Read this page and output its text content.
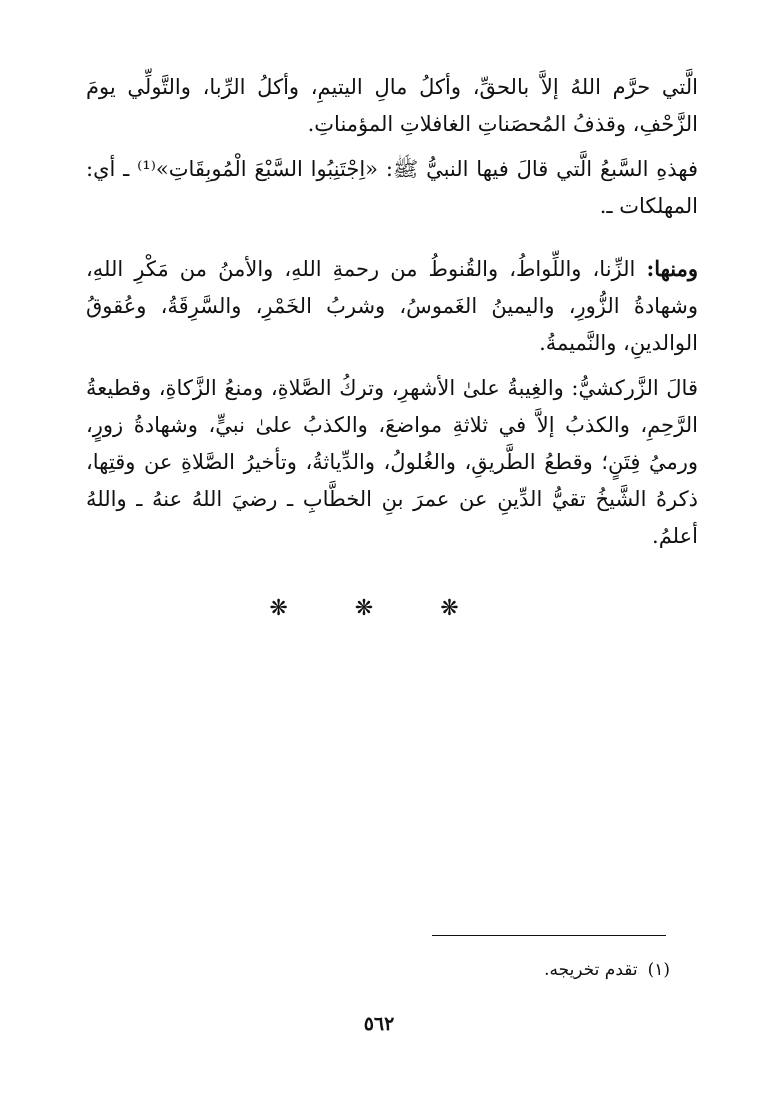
الَّتي حرَّم اللهُ إلاَّ بالحقِّ، وأكلُ مالِ اليتيمِ، وأكلُ الرِّبا، والتَّولِّي يومَ الزَّحْفِ، وقذفُ المُحصَناتِ الغافلاتِ المؤمناتِ.

فهذهِ السَّبعُ الَّتي قالَ فيها النبيُّ ﷺ: «اِجْتَنِبُوا السَّبْعَ الْمُوبِقَاتِ»⁽¹⁾ ـ أي: المهلكات ـ.

ومنها: الزِّنا، واللِّواطُ، والقُنوطُ من رحمةِ اللهِ، والأمنُ من مَكْرِ اللهِ، وشهادةُ الزُّورِ، واليمينُ الغَموسُ، وشربُ الخَمْرِ، والسَّرِقَةُ، وعُقوقُ الوالدينِ، والنَّميمةُ.

قالَ الزَّركشيُّ: والغِيبةُ علىٰ الأشهرِ، وتركُ الصَّلاةِ، ومنعُ الزَّكاةِ، وقطيعةُ الرَّحِمِ، والكذبُ إلاَّ في ثلاثةِ مواضعَ، والكذبُ علىٰ نبيٍّ، وشهادةُ زورٍ، ورميُ فِتَنٍ؛ وقطعُ الطَّريقِ، والغُلولُ، والدِّياثةُ، وتأخيرُ الصَّلاةِ عن وقتِها، ذكرهُ الشَّيخُ تقيُّ الدِّينِ عن عمرَ بنِ الخطَّابِ ـ رضيَ اللهُ عنهُ ـ واللهُ أعلمُ.

❋ ❋ ❋

(١)تقدم تخريجه.

٥٦٢
